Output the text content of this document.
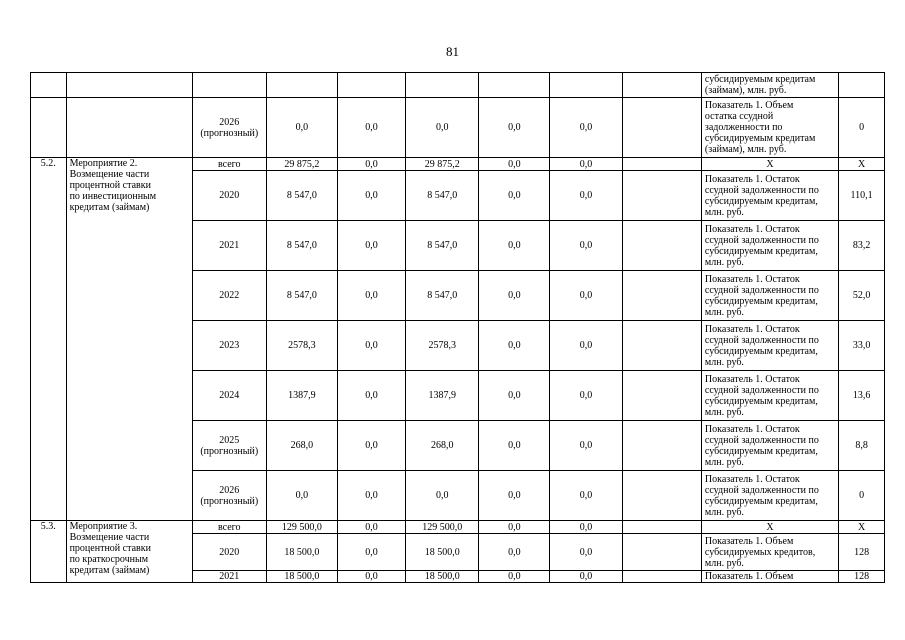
81
									субсидируемым кредитам
(займам), млн. руб.	
		2026
(прогнозный)	0,0	0,0	0,0	0,0	0,0		Показатель 1. Объем
остатка ссудной
задолженности по
субсидируемым кредитам
(займам), млн. руб.	0
5.2.	Мероприятие 2.
Возмещение части
процентной ставки
по инвестиционным
кредитам (займам)	всего	29 875,2	0,0	29 875,2	0,0	0,0		X	X
		2020	8 547,0	0,0	8 547,0	0,0	0,0		Показатель 1. Остаток
ссудной задолженности по
субсидируемым кредитам,
млн. руб.	110,1
		2021	8 547,0	0,0	8 547,0	0,0	0,0		Показатель 1. Остаток
ссудной задолженности по
субсидируемым кредитам,
млн. руб.	83,2
		2022	8 547,0	0,0	8 547,0	0,0	0,0		Показатель 1. Остаток
ссудной задолженности по
субсидируемым кредитам,
млн. руб.	52,0
		2023	2578,3	0,0	2578,3	0,0	0,0		Показатель 1. Остаток
ссудной задолженности по
субсидируемым кредитам,
млн. руб.	33,0
		2024	1387,9	0,0	1387,9	0,0	0,0		Показатель 1. Остаток
ссудной задолженности по
субсидируемым кредитам,
млн. руб.	13,6
		2025
(прогнозный)	268,0	0,0	268,0	0,0	0,0		Показатель 1. Остаток
ссудной задолженности по
субсидируемым кредитам,
млн. руб.	8,8
		2026
(прогнозный)	0,0	0,0	0,0	0,0	0,0		Показатель 1. Остаток
ссудной задолженности по
субсидируемым кредитам,
млн. руб.	0
5.3.	Мероприятие 3.
Возмещение части
процентной ставки
по краткосрочным
кредитам (займам)	всего	129 500,0	0,0	129 500,0	0,0	0,0		X	X
		2020	18 500,0	0,0	18 500,0	0,0	0,0		Показатель 1. Объем
субсидируемых кредитов,
млн. руб.	128
		2021	18 500,0	0,0	18 500,0	0,0	0,0		Показатель 1. Объем	128
